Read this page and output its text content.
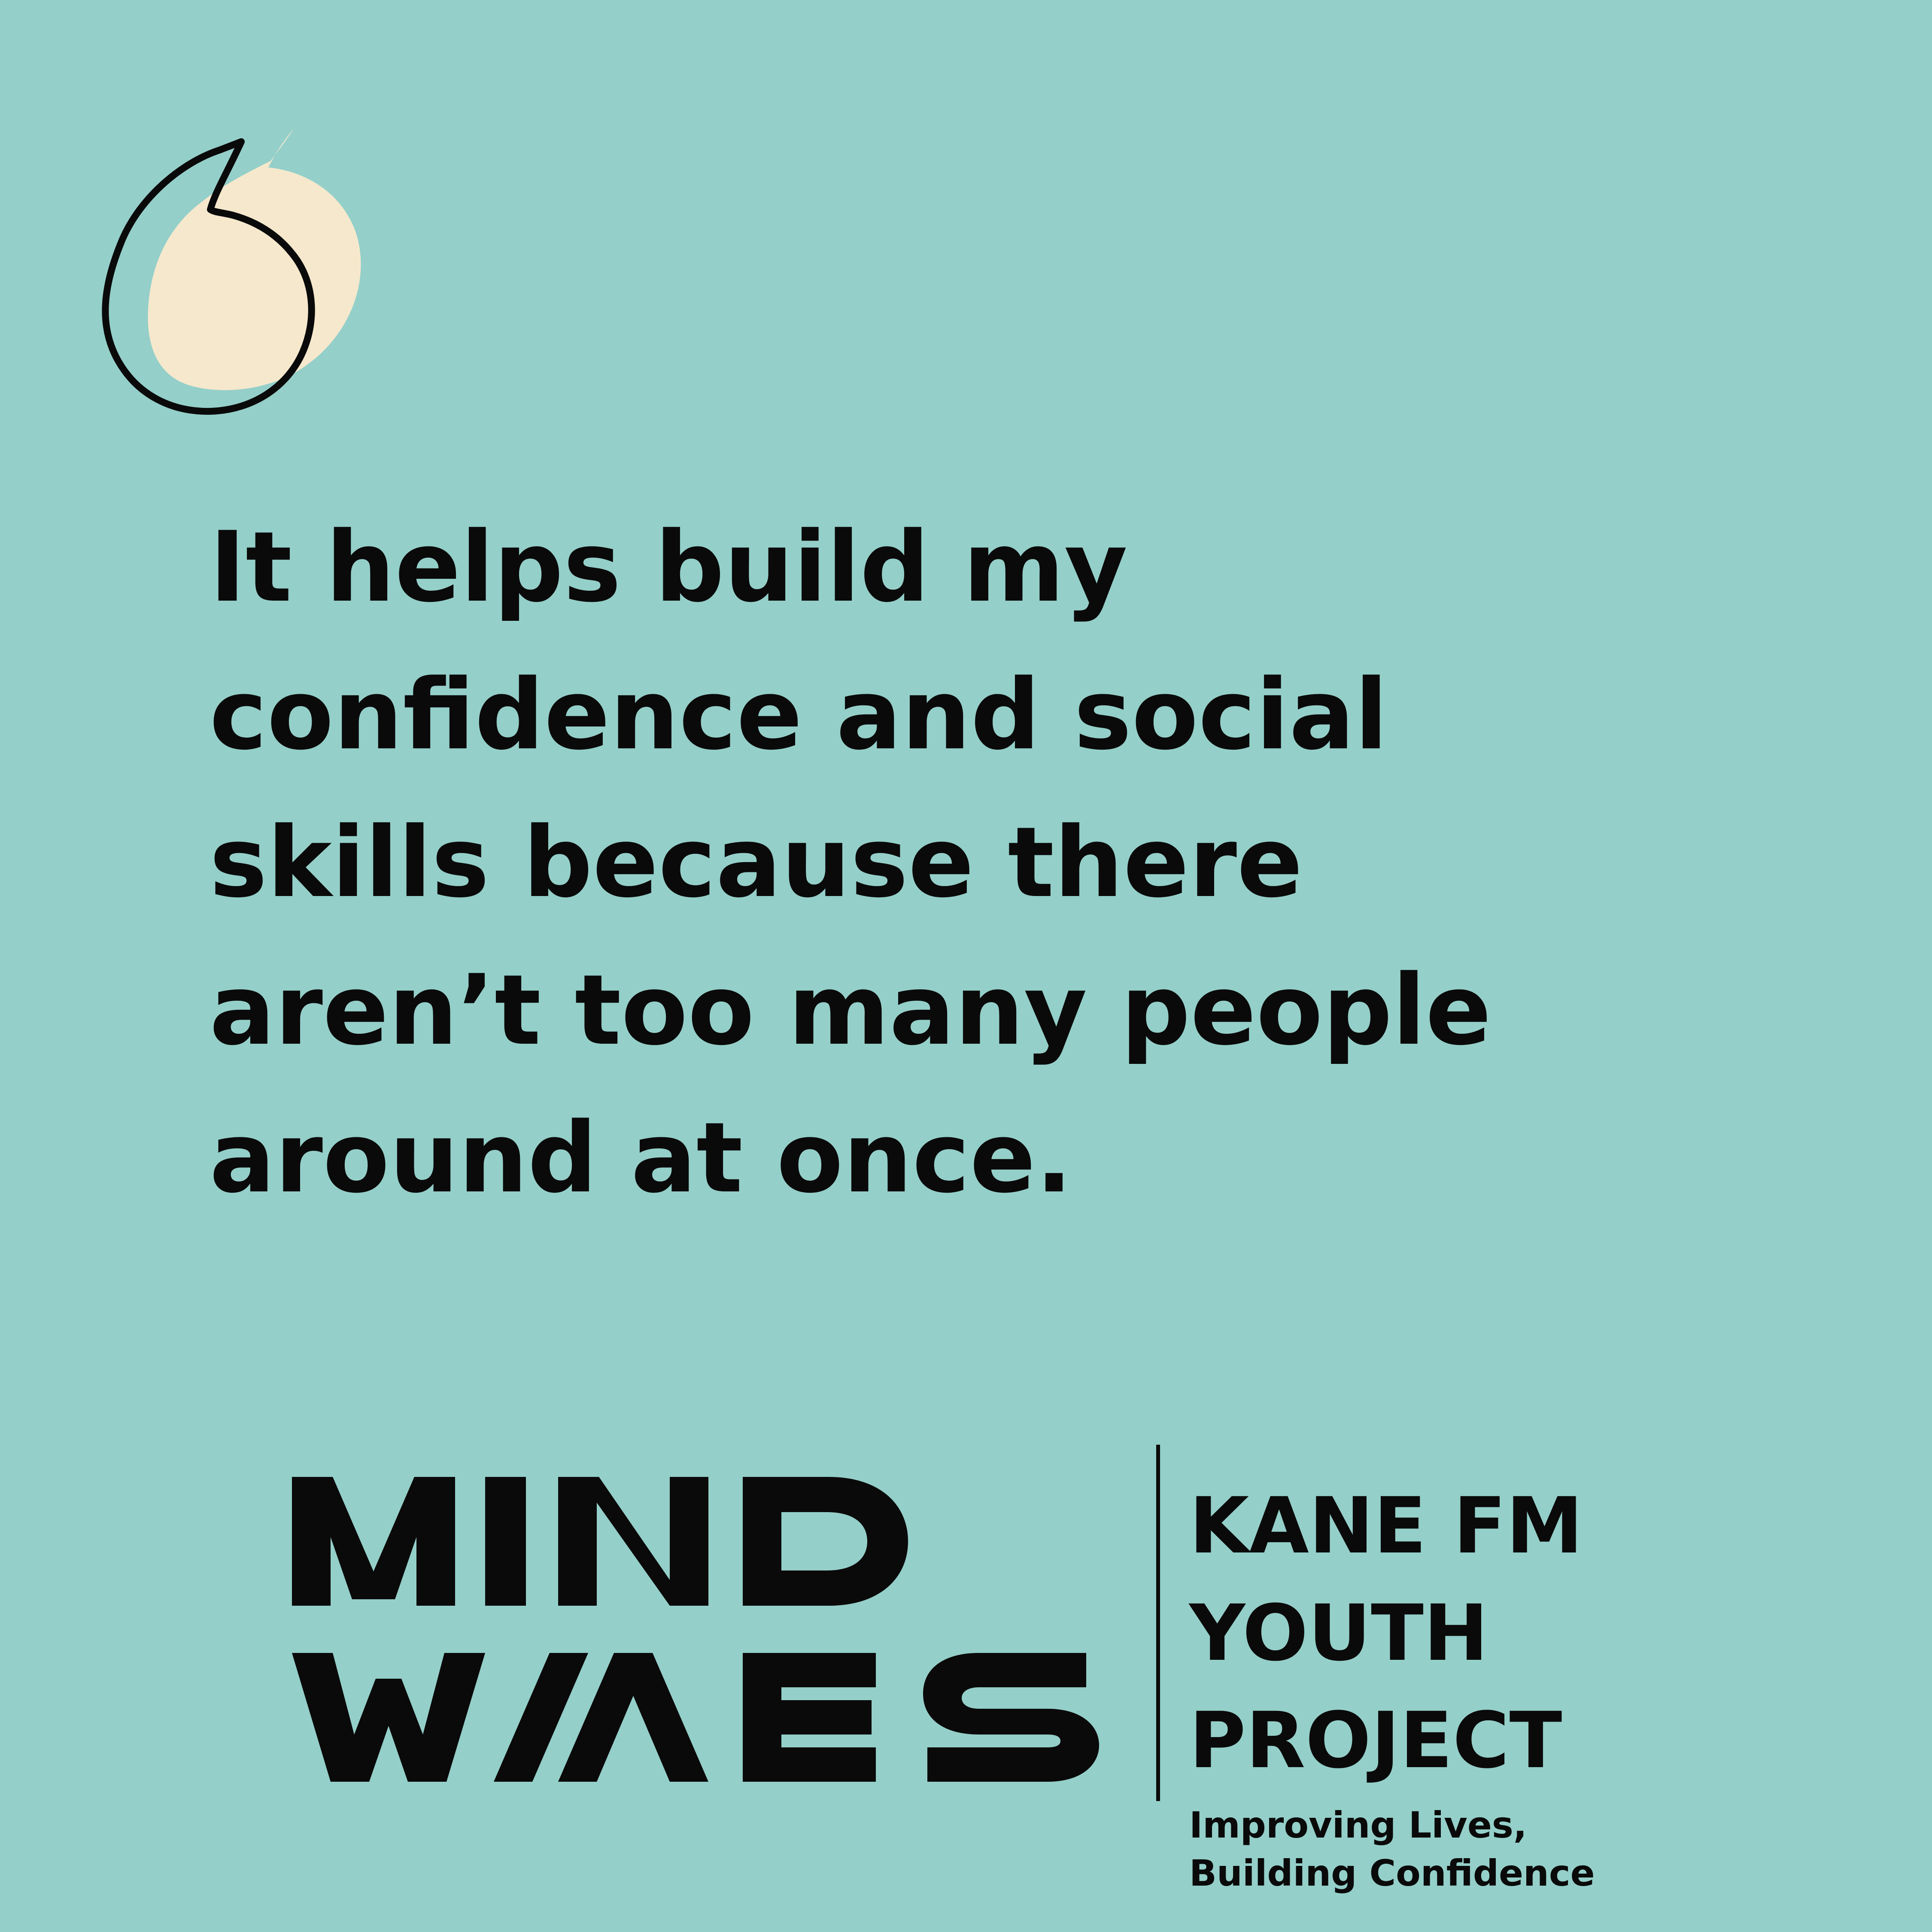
It helps build my
confidence and social
skills because there
aren’t too many people
around at once.

KANE FM
YOUTH
PROJECT
Improving Lives,
Building Confidence
